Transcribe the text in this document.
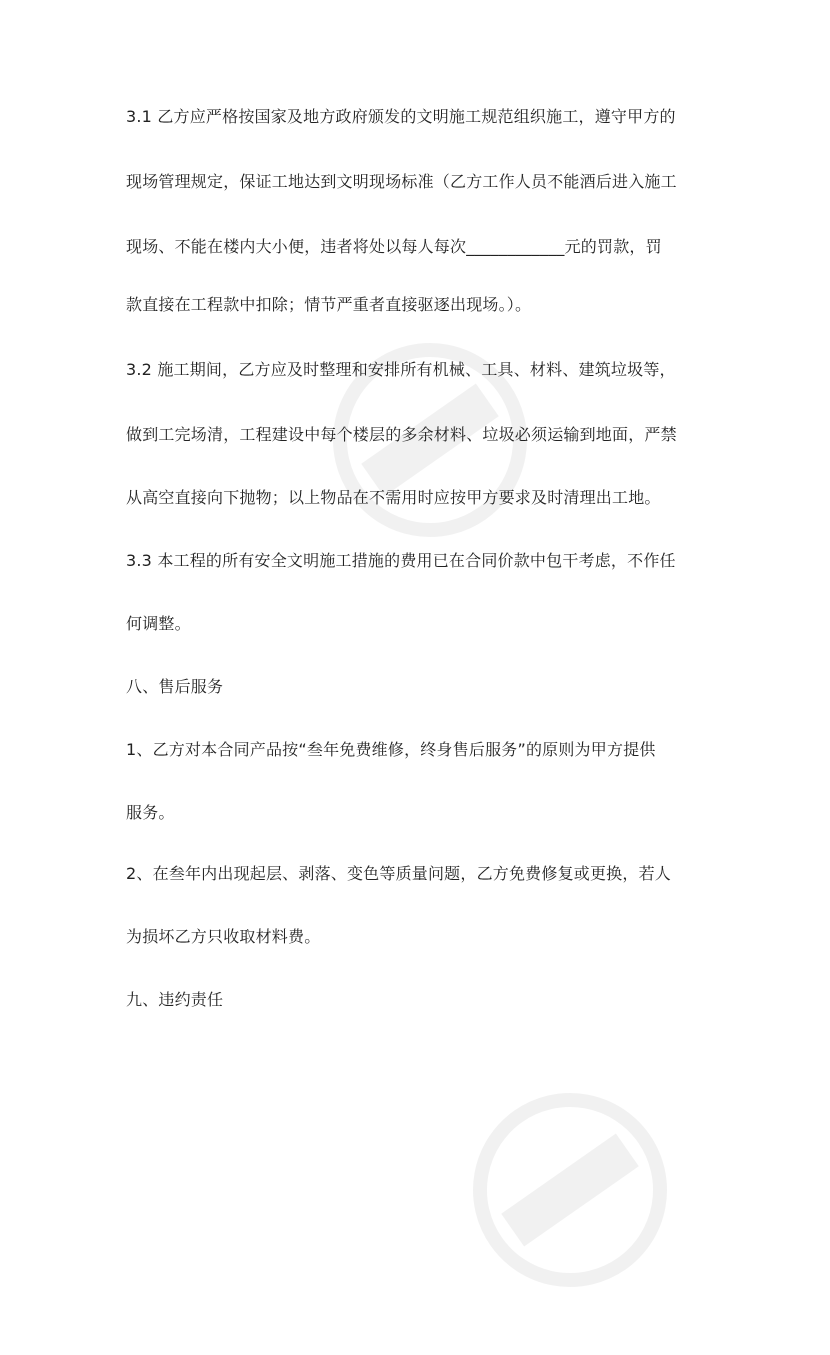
3.1 乙方应严格按国家及地方政府颁发的文明施工规范组织施工，遵守甲方的
现场管理规定，保证工地达到文明现场标准（乙方工作人员不能酒后进入施工
现场、不能在楼内大小便，违者将处以每人每次____________元的罚款，罚
款直接在工程款中扣除；情节严重者直接驱逐出现场。）。
3.2 施工期间，乙方应及时整理和安排所有机械、工具、材料、建筑垃圾等，
做到工完场清，工程建设中每个楼层的多余材料、垃圾必须运输到地面，严禁
从高空直接向下抛物；以上物品在不需用时应按甲方要求及时清理出工地。
3.3 本工程的所有安全文明施工措施的费用已在合同价款中包干考虑，不作任
何调整。
八、售后服务
1、乙方对本合同产品按“叁年免费维修，终身售后服务”的原则为甲方提供
服务。
2、在叁年内出现起层、剥落、变色等质量问题，乙方免费修复或更换，若人
为损坏乙方只收取材料费。
九、违约责任
